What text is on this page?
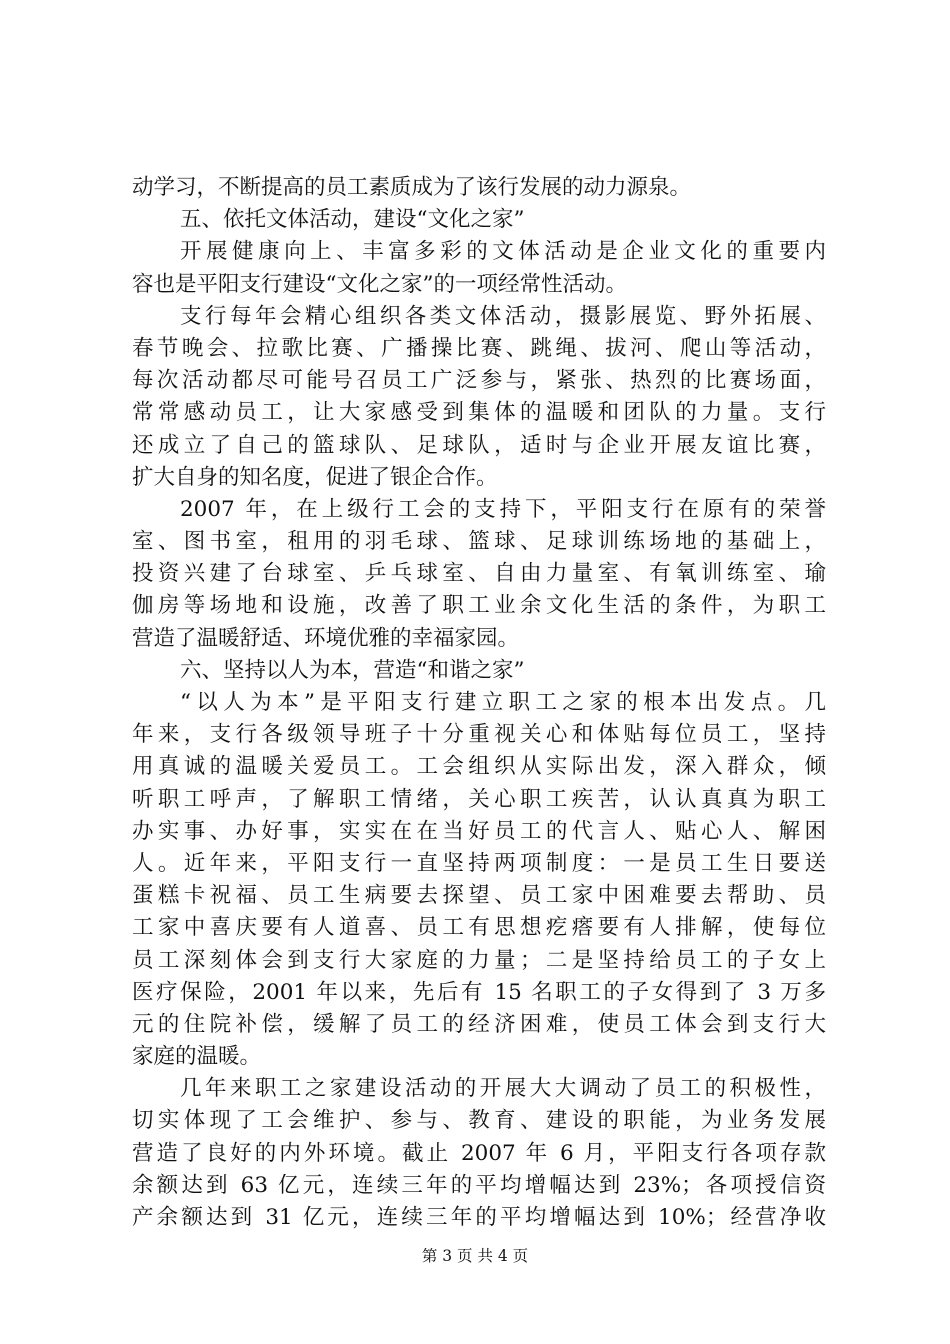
动学习，不断提高的员工素质成为了该行发展的动力源泉。
五、依托文体活动，建设“文化之家”
开展健康向上、丰富多彩的文体活动是企业文化的重要内
容也是平阳支行建设“文化之家”的一项经常性活动。
支行每年会精心组织各类文体活动，摄影展览、野外拓展、
春节晚会、拉歌比赛、广播操比赛、跳绳、拔河、爬山等活动，
每次活动都尽可能号召员工广泛参与，紧张、热烈的比赛场面，
常常感动员工，让大家感受到集体的温暖和团队的力量。支行
还成立了自己的篮球队、足球队，适时与企业开展友谊比赛，
扩大自身的知名度，促进了银企合作。
2007 年，在上级行工会的支持下，平阳支行在原有的荣誉
室、图书室，租用的羽毛球、篮球、足球训练场地的基础上，
投资兴建了台球室、乒乓球室、自由力量室、有氧训练室、瑜
伽房等场地和设施，改善了职工业余文化生活的条件，为职工
营造了温暖舒适、环境优雅的幸福家园。
六、坚持以人为本，营造“和谐之家”
“以人为本”是平阳支行建立职工之家的根本出发点。几
年来，支行各级领导班子十分重视关心和体贴每位员工，坚持
用真诚的温暖关爱员工。工会组织从实际出发，深入群众，倾
听职工呼声，了解职工情绪，关心职工疾苦，认认真真为职工
办实事、办好事，实实在在当好员工的代言人、贴心人、解困
人。近年来，平阳支行一直坚持两项制度：一是员工生日要送
蛋糕卡祝福、员工生病要去探望、员工家中困难要去帮助、员
工家中喜庆要有人道喜、员工有思想疙瘩要有人排解，使每位
员工深刻体会到支行大家庭的力量；二是坚持给员工的子女上
医疗保险，2001 年以来，先后有 15 名职工的子女得到了 3 万多
元的住院补偿，缓解了员工的经济困难，使员工体会到支行大
家庭的温暖。
几年来职工之家建设活动的开展大大调动了员工的积极性，
切实体现了工会维护、参与、教育、建设的职能，为业务发展
营造了良好的内外环境。截止 2007 年 6 月，平阳支行各项存款
余额达到 63 亿元，连续三年的平均增幅达到 23%；各项授信资
产余额达到 31 亿元，连续三年的平均增幅达到 10%；经营净收
第 3 页 共 4 页
